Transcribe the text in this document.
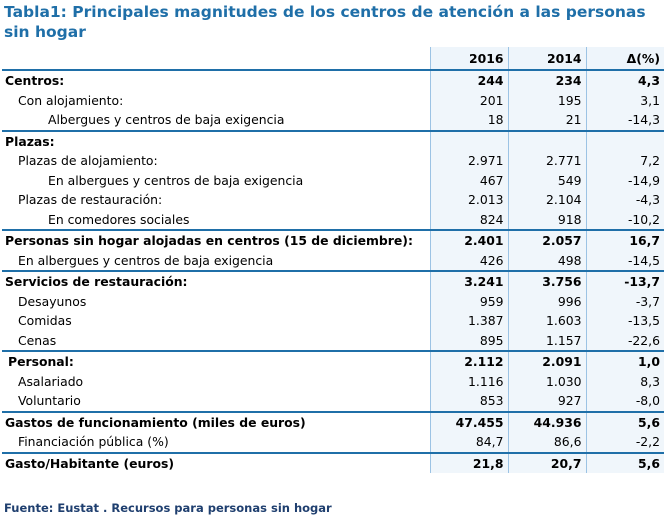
Tabla1: Principales magnitudes de los centros de atención a las personas sin hogar
	2016	2014	Δ(%)
Centros:	244	234	4,3
Con alojamiento:	201	195	3,1
Albergues y centros de baja exigencia	18	21	-14,3
Plazas:			
Plazas de alojamiento:	2.971	2.771	7,2
En albergues y centros de baja exigencia	467	549	-14,9
Plazas de restauración:	2.013	2.104	-4,3
En comedores sociales	824	918	-10,2
Personas sin hogar alojadas en centros (15 de diciembre):	2.401	2.057	16,7
En albergues y centros de baja exigencia	426	498	-14,5
Servicios de restauración:	3.241	3.756	-13,7
Desayunos	959	996	-3,7
Comidas	1.387	1.603	-13,5
Cenas	895	1.157	-22,6
Personal:	2.112	2.091	1,0
Asalariado	1.116	1.030	8,3
Voluntario	853	927	-8,0
Gastos de funcionamiento (miles de euros)	47.455	44.936	5,6
Financiación pública (%)	84,7	86,6	-2,2
Gasto/Habitante (euros)	21,8	20,7	5,6
Fuente: Eustat . Recursos para personas sin hogar
